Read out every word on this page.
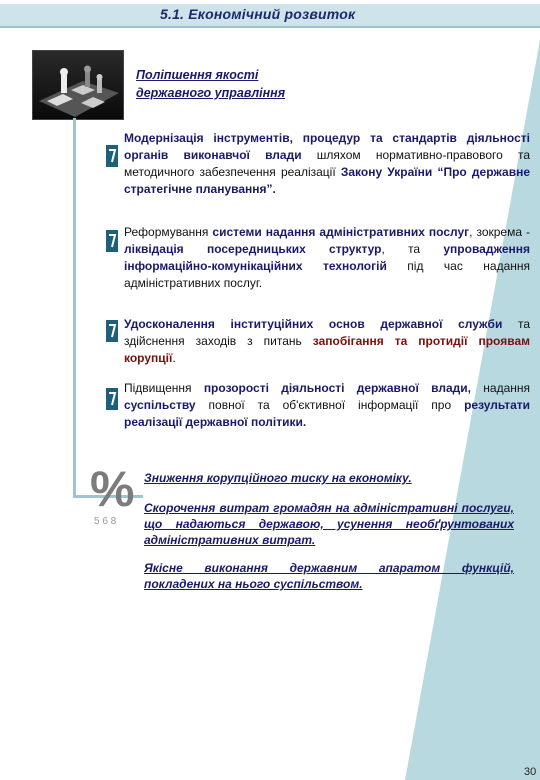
5.1. Економічний розвиток
Поліпшення якості
державного управління
Модернізація інструментів, процедур та стандартів діяльності органів виконавчої влади шляхом нормативно-правового та методичного забезпечення реалізації Закону України “Про державне стратегічне планування”.
Реформування системи надання адміністративних послуг, зокрема - ліквідація посередницьких структур, та упровадження інформаційно-комунікаційних технологій під час надання адміністративних послуг.
Удосконалення інституційних основ державної служби та здійснення заходів з питань запобігання та протидії проявам корупції.
Підвищення прозорості діяльності державної влади, надання суспільству повної та об'єктивної інформації про результати реалізації державної політики.
%
5 6 8
Зниження корупційного тиску на економіку.
Скорочення витрат громадян на адміністративні послуги, що надаються державою, усунення необґрунтованих адміністративних витрат.
Якісне виконання державним апаратом функцій, покладених на нього суспільством.
30
